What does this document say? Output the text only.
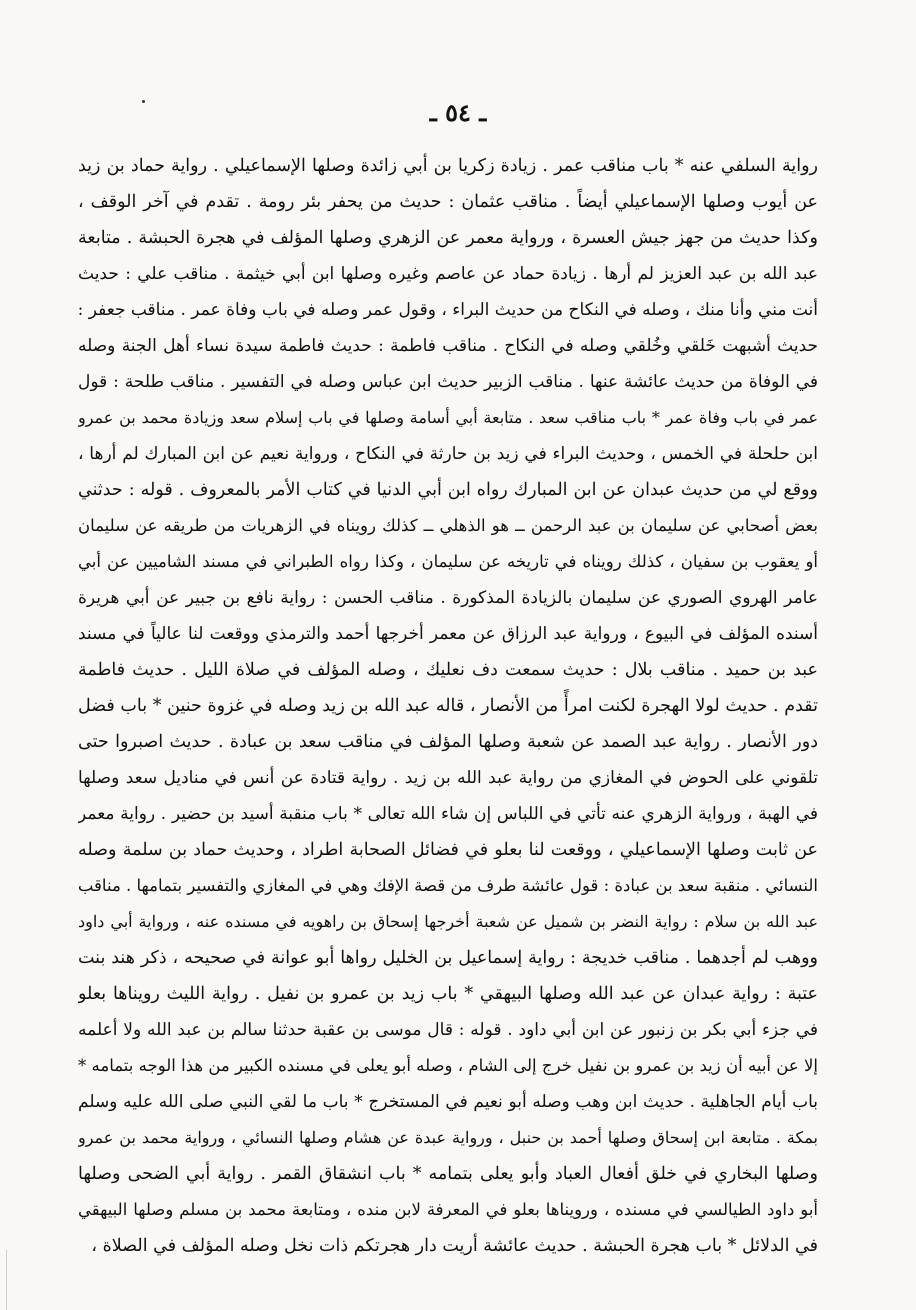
ـ ٥٤ ـ
رواية السلفي عنه * باب مناقب عمر . زيادة زكريا بن أبي زائدة وصلها الإسماعيلي . رواية حماد بن زيد
عن أيوب وصلها الإسماعيلي أيضاً . مناقب عثمان : حديث من يحفر بئر رومة . تقدم في آخر الوقف ،
وكذا حديث من جهز جيش العسرة ، ورواية معمر عن الزهري وصلها المؤلف في هجرة الحبشة . متابعة
عبد الله بن عبد العزيز لم أرها . زيادة حماد عن عاصم وغيره وصلها ابن أبي خيثمة . مناقب علي : حديث
أنت مني وأنا منك ، وصله في النكاح من حديث البراء ، وقول عمر وصله في باب وفاة عمر . مناقب جعفر :
حديث أشبهت خَلقي وخُلقي وصله في النكاح . مناقب فاطمة : حديث فاطمة سيدة نساء أهل الجنة وصله
في الوفاة من حديث عائشة عنها . مناقب الزبير حديث ابن عباس وصله في التفسير . مناقب طلحة : قول
عمر في باب وفاة عمر * باب مناقب سعد . متابعة أبي أسامة وصلها في باب إسلام سعد وزيادة محمد بن عمرو
ابن حلحلة في الخمس ، وحديث البراء في زيد بن حارثة في النكاح ، ورواية نعيم عن ابن المبارك لم أرها ،
ووقع لي من حديث عبدان عن ابن المبارك رواه ابن أبي الدنيا في كتاب الأمر بالمعروف . قوله : حدثني
بعض أصحابي عن سليمان بن عبد الرحمن ــ هو الذهلي ــ كذلك رويناه في الزهريات من طريقه عن سليمان
أو يعقوب بن سفيان ، كذلك رويناه في تاريخه عن سليمان ، وكذا رواه الطبراني في مسند الشاميين عن أبي
عامر الهروي الصوري عن سليمان بالزيادة المذكورة . مناقب الحسن : رواية نافع بن جبير عن أبي هريرة
أسنده المؤلف في البيوع ، ورواية عبد الرزاق عن معمر أخرجها أحمد والترمذي ووقعت لنا عالياً في مسند
عبد بن حميد . مناقب بلال : حديث سمعت دف نعليك ، وصله المؤلف في صلاة الليل . حديث فاطمة
تقدم . حديث لولا الهجرة لكنت امرأً من الأنصار ، قاله عبد الله بن زيد وصله في غزوة حنين * باب فضل
دور الأنصار . رواية عبد الصمد عن شعبة وصلها المؤلف في مناقب سعد بن عبادة . حديث اصبروا حتى
تلقوني على الحوض في المغازي من رواية عبد الله بن زيد . رواية قتادة عن أنس في مناديل سعد وصلها
في الهبة ، ورواية الزهري عنه تأتي في اللباس إن شاء الله تعالى * باب منقبة أسيد بن حضير . رواية معمر
عن ثابت وصلها الإسماعيلي ، ووقعت لنا بعلو في فضائل الصحابة اطراد ، وحديث حماد بن سلمة وصله
النسائي . منقبة سعد بن عبادة : قول عائشة طرف من قصة الإفك وهي في المغازي والتفسير بتمامها . مناقب
عبد الله بن سلام : رواية النضر بن شميل عن شعبة أخرجها إسحاق بن راهويه في مسنده عنه ، ورواية أبي داود
ووهب لم أجدهما . مناقب خديجة : رواية إسماعيل بن الخليل رواها أبو عوانة في صحيحه ، ذكر هند بنت
عتبة : رواية عبدان عن عبد الله وصلها البيهقي * باب زيد بن عمرو بن نفيل . رواية الليث رويناها بعلو
في جزء أبي بكر بن زنبور عن ابن أبي داود . قوله : قال موسى بن عقبة حدثنا سالم بن عبد الله ولا أعلمه
إلا عن أبيه أن زيد بن عمرو بن نفيل خرج إلى الشام ، وصله أبو يعلى في مسنده الكبير من هذا الوجه بتمامه *
باب أيام الجاهلية . حديث ابن وهب وصله أبو نعيم في المستخرج * باب ما لقي النبي صلى الله عليه وسلم
بمكة . متابعة ابن إسحاق وصلها أحمد بن حنبل ، ورواية عبدة عن هشام وصلها النسائي ، ورواية محمد بن عمرو
وصلها البخاري في خلق أفعال العباد وأبو يعلى بتمامه * باب انشقاق القمر . رواية أبي الضحى وصلها
أبو داود الطيالسي في مسنده ، ورويناها بعلو في المعرفة لابن منده ، ومتابعة محمد بن مسلم وصلها البيهقي
في الدلائل * باب هجرة الحبشة . حديث عائشة أريت دار هجرتكم ذات نخل وصله المؤلف في الصلاة ،
